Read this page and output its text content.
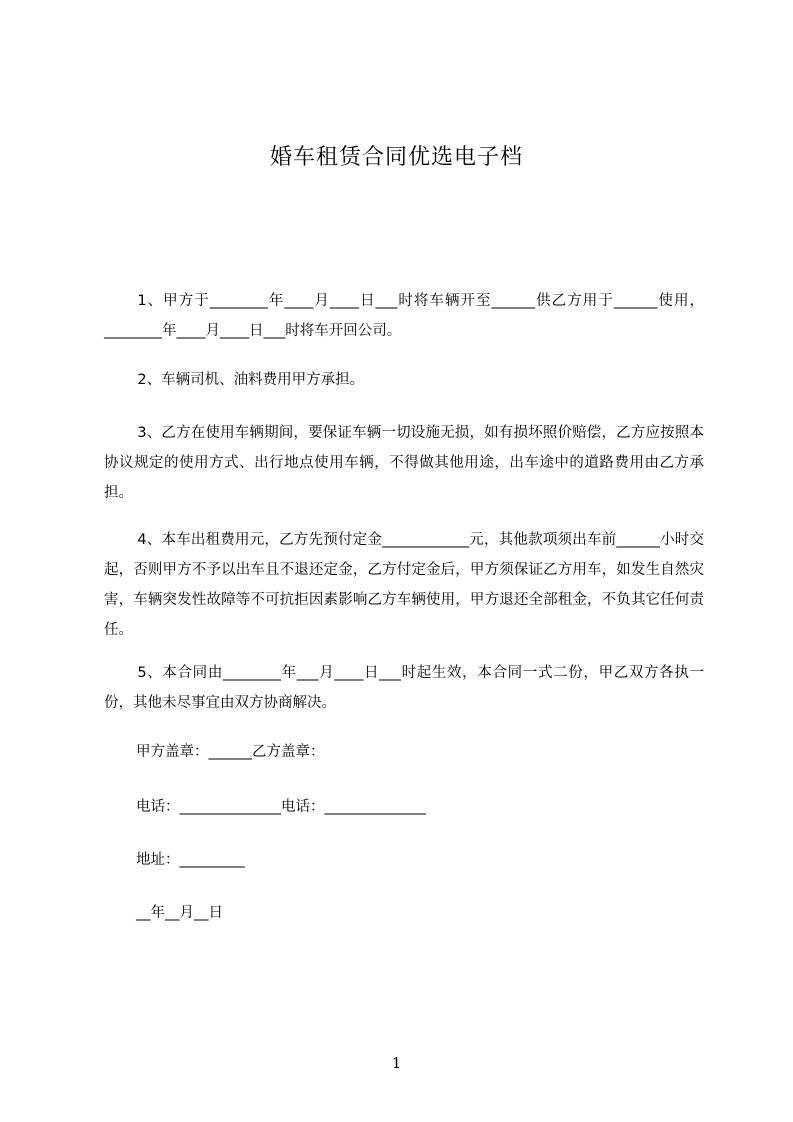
婚车租赁合同优选电子档
1、甲方于________年____月____日___时将车辆开至______供乙方用于______使用，________年____月____日___时将车开回公司。
2、车辆司机、油料费用甲方承担。
3、乙方在使用车辆期间，要保证车辆一切设施无损，如有损坏照价赔偿，乙方应按照本协议规定的使用方式、出行地点使用车辆，不得做其他用途，出车途中的道路费用由乙方承担。
4、本车出租费用元，乙方先预付定金____________元，其他款项须出车前______小时交起，否则甲方不予以出车且不退还定金，乙方付定金后，甲方须保证乙方用车，如发生自然灾害，车辆突发性故障等不可抗拒因素影响乙方车辆使用，甲方退还全部租金，不负其它任何责任。
5、本合同由________年___月____日___时起生效，本合同一式二份，甲乙双方各执一份，其他未尽事宜由双方协商解决。
甲方盖章：______乙方盖章：
电话：______________电话：______________
地址：_________
__年__月__日
1
